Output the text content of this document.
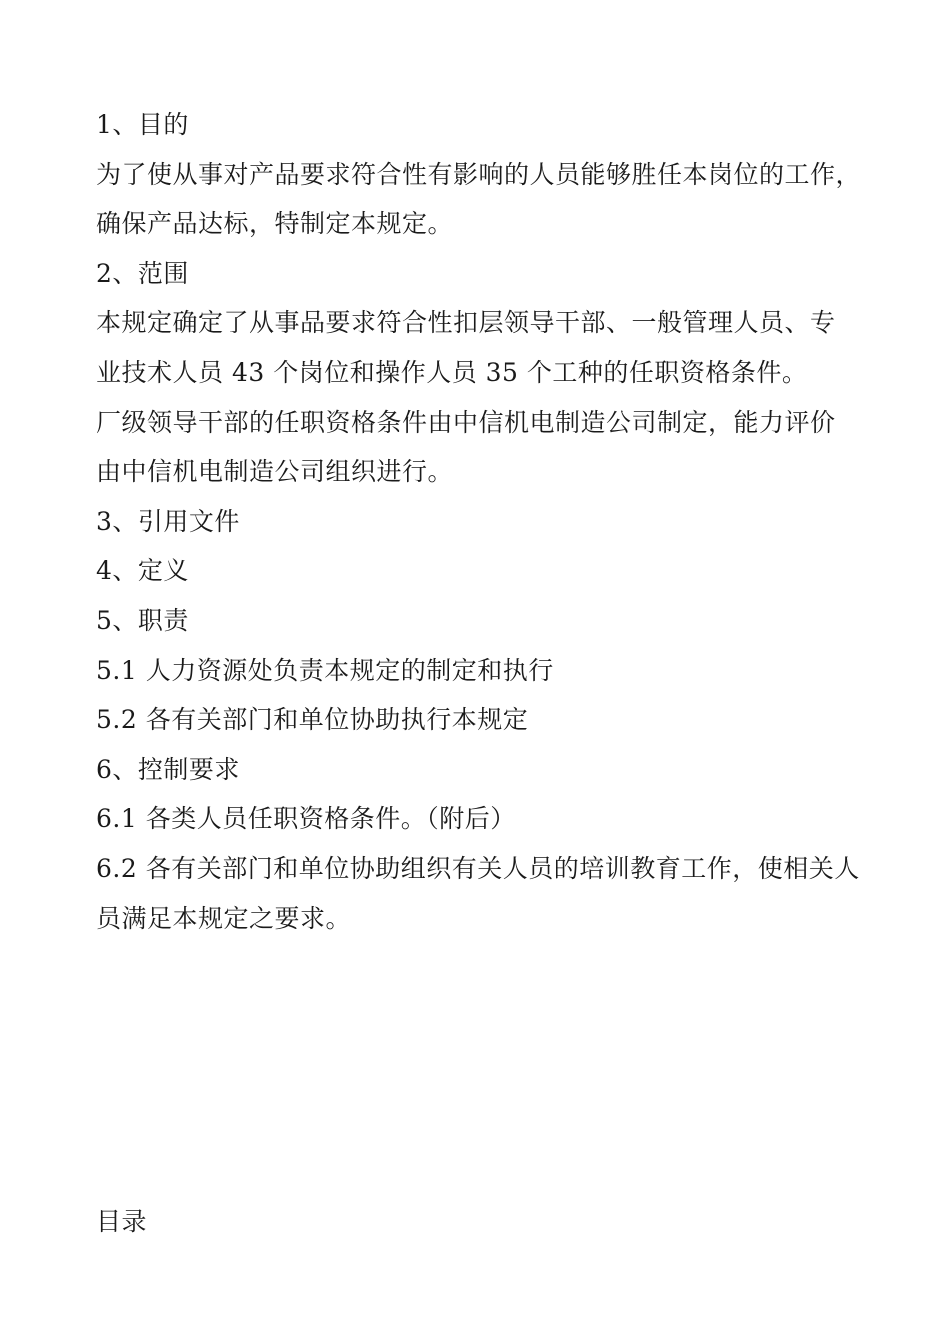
1、目的
为了使从事对产品要求符合性有影响的人员能够胜任本岗位的工作，
确保产品达标，特制定本规定。
2、范围
本规定确定了从事品要求符合性扣层领导干部、一般管理人员、专
业技术人员 43 个岗位和操作人员 35 个工种的任职资格条件。
厂级领导干部的任职资格条件由中信机电制造公司制定，能力评价
由中信机电制造公司组织进行。
3、引用文件
4、定义
5、职责
5.1 人力资源处负责本规定的制定和执行
5.2 各有关部门和单位协助执行本规定
6、控制要求
6.1 各类人员任职资格条件。（附后）
6.2 各有关部门和单位协助组织有关人员的培训教育工作，使相关人
员满足本规定之要求。
目录
